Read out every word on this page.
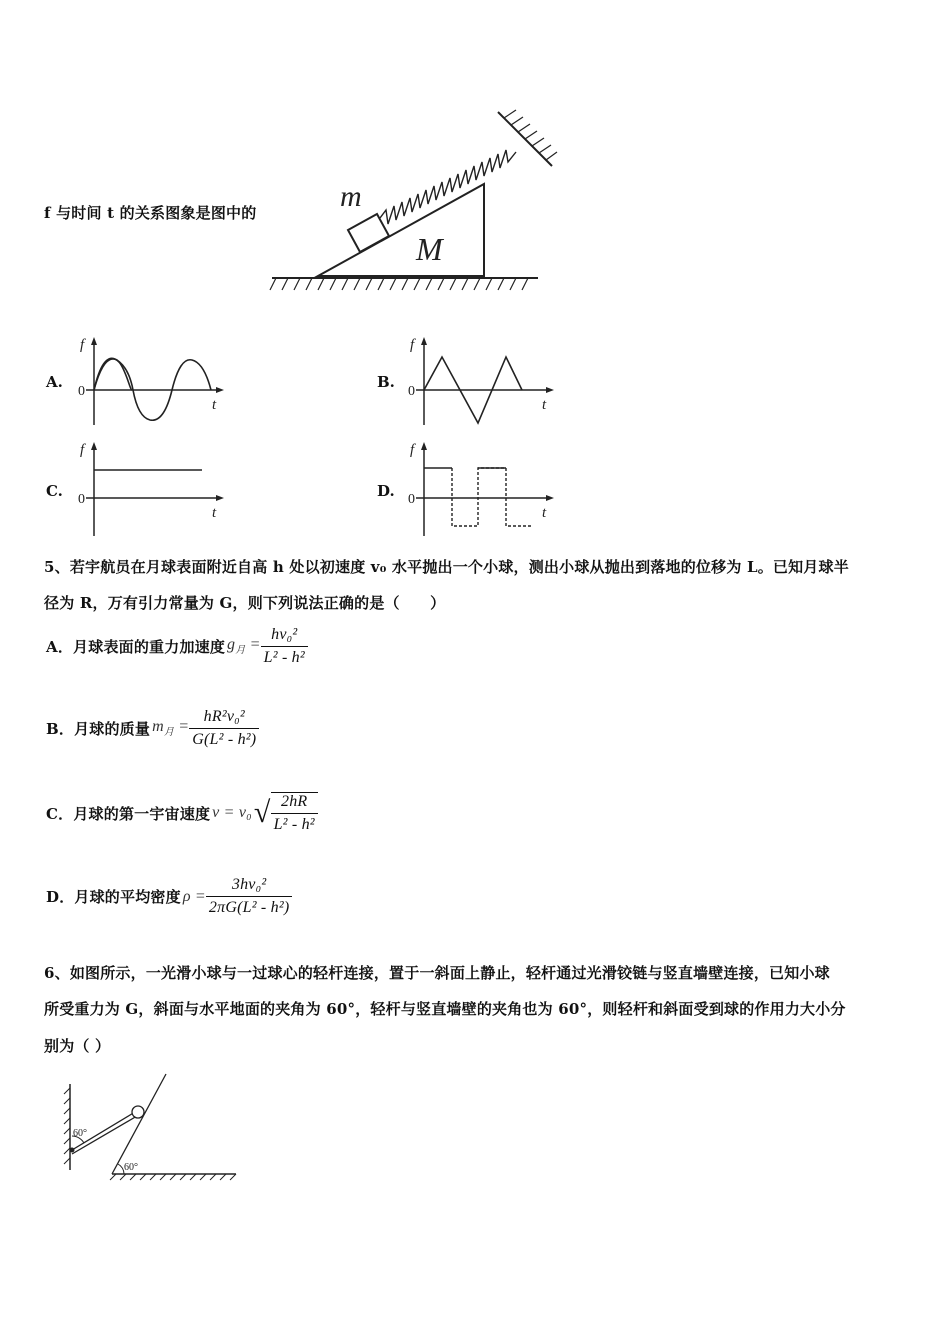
f 与时间 t 的关系图象是图中的	m
M
A.
f
0
t
B.
f
0
t
C.
f
0
t
D.
f
0
t
5、若宇航员在月球表面附近自高 h 处以初速度 v₀ 水平抛出一个小球，测出小球从抛出到落地的位移为 L。已知月球半
径为 R，万有引力常量为 G，则下列说法正确的是（　　）
A．月球表面的重力加速度 $g_月 = \frac{\text{hv₀²}}{\text{L² - h²}}$
B．月球的质量 $m_月 = \frac{\text{hR²v₀²}}{\text{G(L² - h²)}}$
C．月球的第一宇宙速度 v = v₀ √ $\frac{2hR}{\text{L² - h²}}$
D．月球的平均密度 $\rho = \frac{\text{3hv₀²}}{\text{2πG(L² - h²)}}$
6、如图所示，一光滑小球与一过球心的轻杆连接，置于一斜面上静止，轻杆通过光滑铰链与竖直墙壁连接，已知小球
所受重力为 G，斜面与水平地面的夹角为 60°，轻杆与竖直墙壁的夹角也为 60°，则轻杆和斜面受到球的作用力大小分
别为（ ）
60°
60°
